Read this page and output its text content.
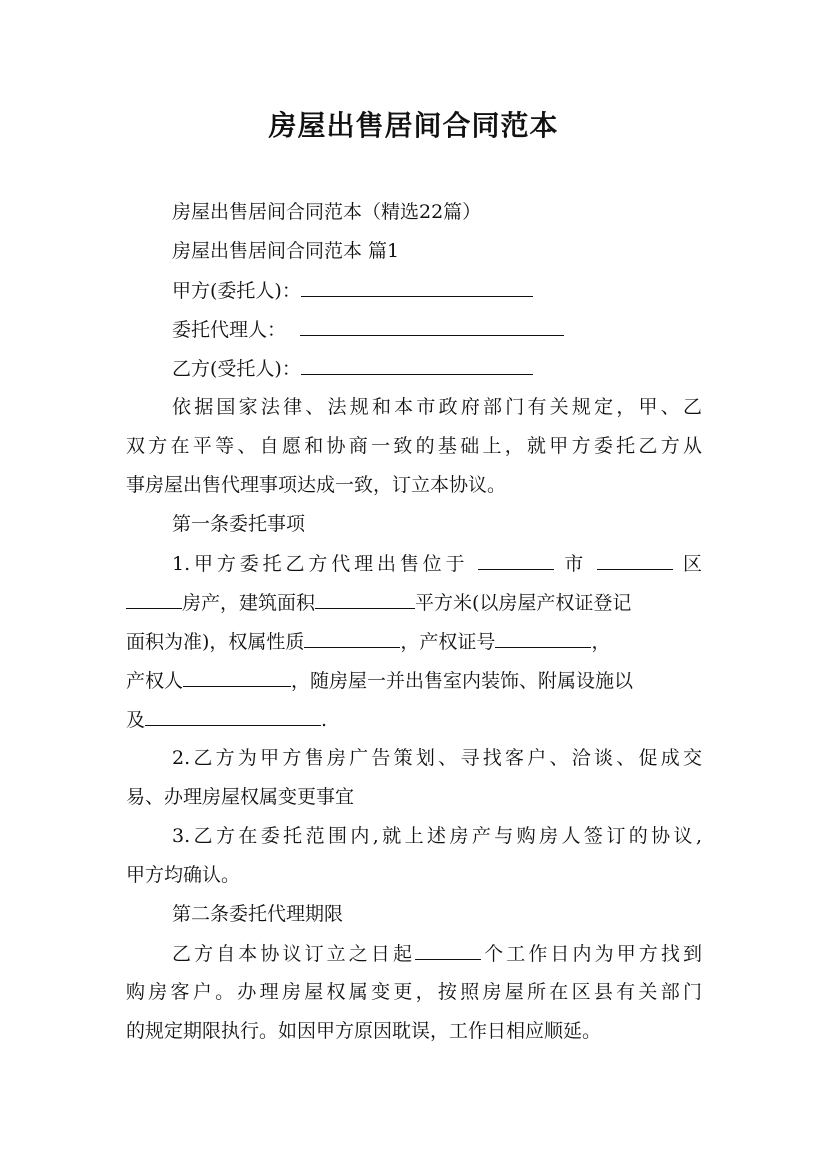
房屋出售居间合同范本
房屋出售居间合同范本（精选22篇）
房屋出售居间合同范本 篇1
甲方(委托人)：
委托代理人：
乙方(受托人)：
依据国家法律、法规和本市政府部门有关规定，甲、乙
双方在平等、自愿和协商一致的基础上，就甲方委托乙方从
事房屋出售代理事项达成一致，订立本协议。
第一条委托事项
1.甲方委托乙方代理出售位于	市	区
房产，建筑面积	平方米(以房屋产权证登记
面积为准)，权属性质	，产权证号	，
产权人	，随房屋一并出售室内装饰、附属设施以
及	.
2.乙方为甲方售房广告策划、寻找客户、洽谈、促成交
易、办理房屋权属变更事宜
3.乙方在委托范围内,就上述房产与购房人签订的协议,
甲方均确认。
第二条委托代理期限
乙方自本协议订立之日起	个工作日内为甲方找到
购房客户。办理房屋权属变更，按照房屋所在区县有关部门
的规定期限执行。如因甲方原因耽误，工作日相应顺延。
